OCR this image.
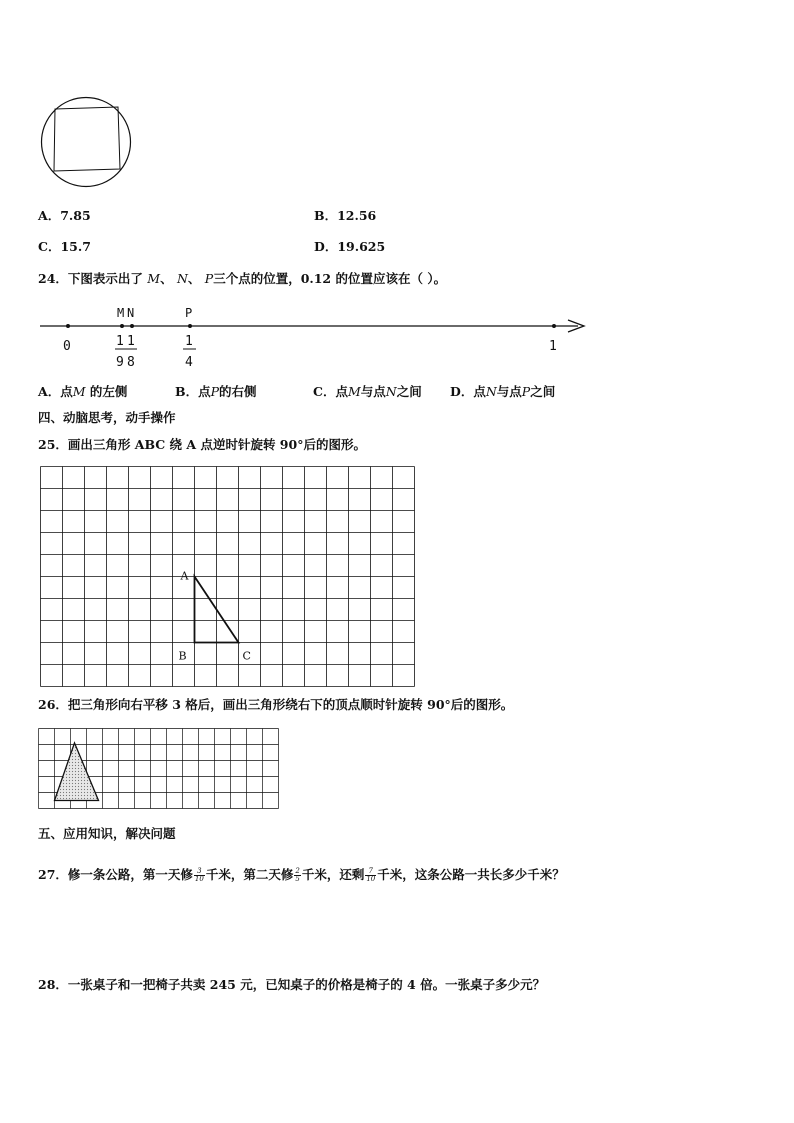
A．7.85	B．12.56
C．15.7	D．19.625
24．下图表示出了 M、 N、 P三个点的位置，0.12 的位置应该在（ ）。
M N	P
0	1
1 1
9 8
1
4
A．点M 的左侧	B．点P的右侧	C．点M与点N之间 D．点N与点P之间
四、动脑思考，动手操作
25．画出三角形 ABC 绕 A 点逆时针旋转 90°后的图形。
A
B	C
26．把三角形向右平移 3 格后，画出三角形绕右下的顶点顺时针旋转 90°后的图形。
五、应用知识，解决问题
27．修一条公路，第一天修 $\frac{3}{10}$ 千米，第二天修 $\frac{2}{5}$ 千米，还剩 $\frac{7}{10}$ 千米，这条公路一共长多少千米？
28．一张桌子和一把椅子共卖 245 元，已知桌子的价格是椅子的 4 倍。一张桌子多少元？
